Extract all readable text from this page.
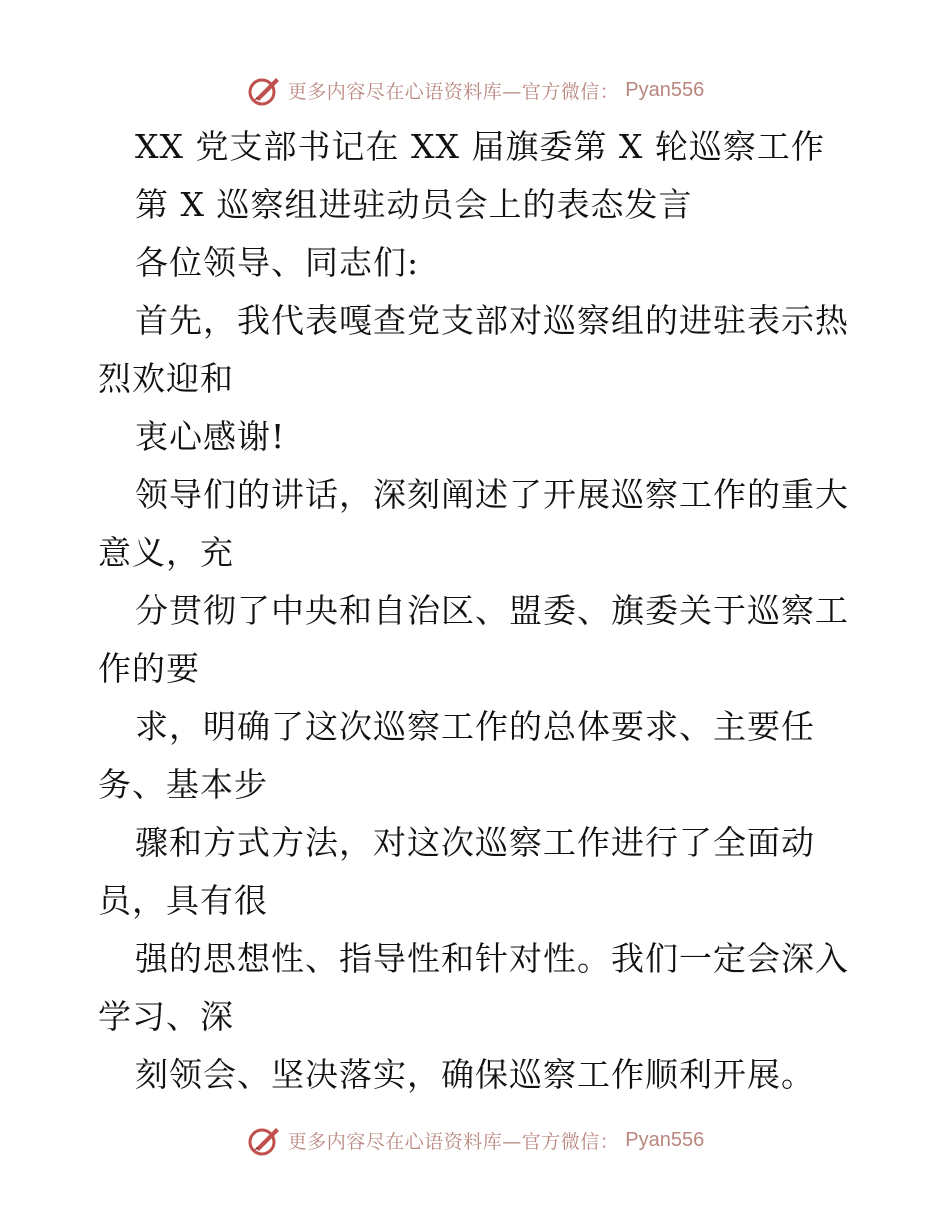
更多内容尽在心语资料库—官方微信： Pyan556
XX 党支部书记在 XX 届旗委第 X 轮巡察工作
第 X 巡察组进驻动员会上的表态发言
各位领导、同志们:
首先，我代表嘎查党支部对巡察组的进驻表示热
烈欢迎和
衷心感谢!
领导们的讲话，深刻阐述了开展巡察工作的重大
意义，充
分贯彻了中央和自治区、盟委、旗委关于巡察工
作的要
求，明确了这次巡察工作的总体要求、主要任
务、基本步
骤和方式方法，对这次巡察工作进行了全面动
员，具有很
强的思想性、指导性和针对性。我们一定会深入
学习、深
刻领会、坚决落实，确保巡察工作顺利开展。
更多内容尽在心语资料库—官方微信： Pyan556
